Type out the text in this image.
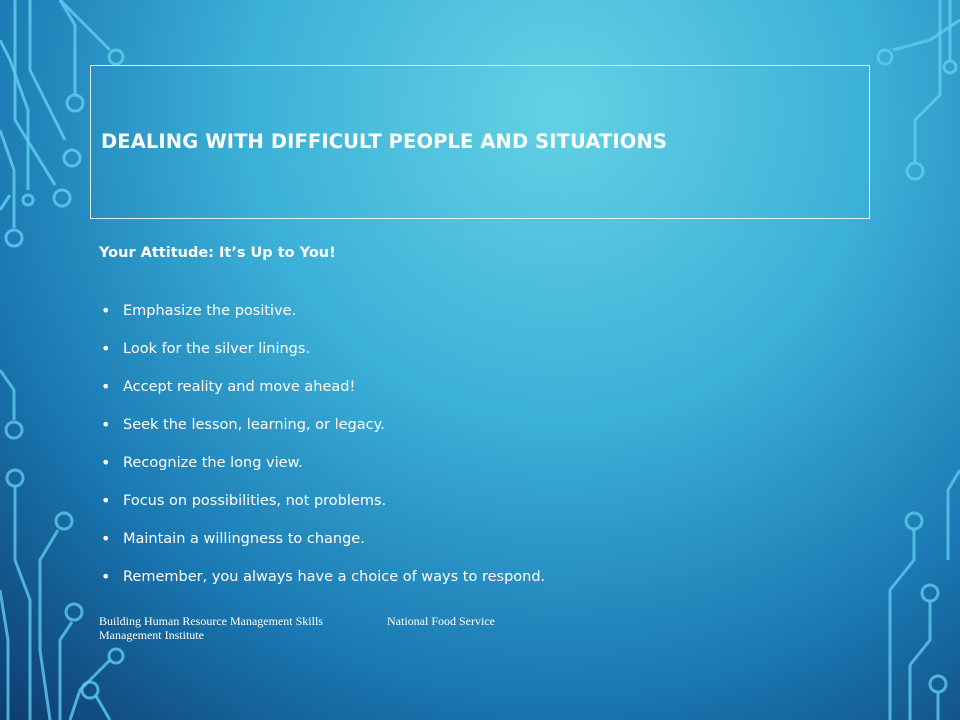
DEALING WITH DIFFICULT PEOPLE AND SITUATIONS
Your Attitude: It’s Up to You!
• Emphasize the positive.
• Look for the silver linings.
• Accept reality and move ahead!
• Seek the lesson, learning, or legacy.
• Recognize the long view.
• Focus on possibilities, not problems.
• Maintain a willingness to change.
• Remember, you always have a choice of ways to respond.
Building Human Resource Management Skills
Management Institute
National Food Service
